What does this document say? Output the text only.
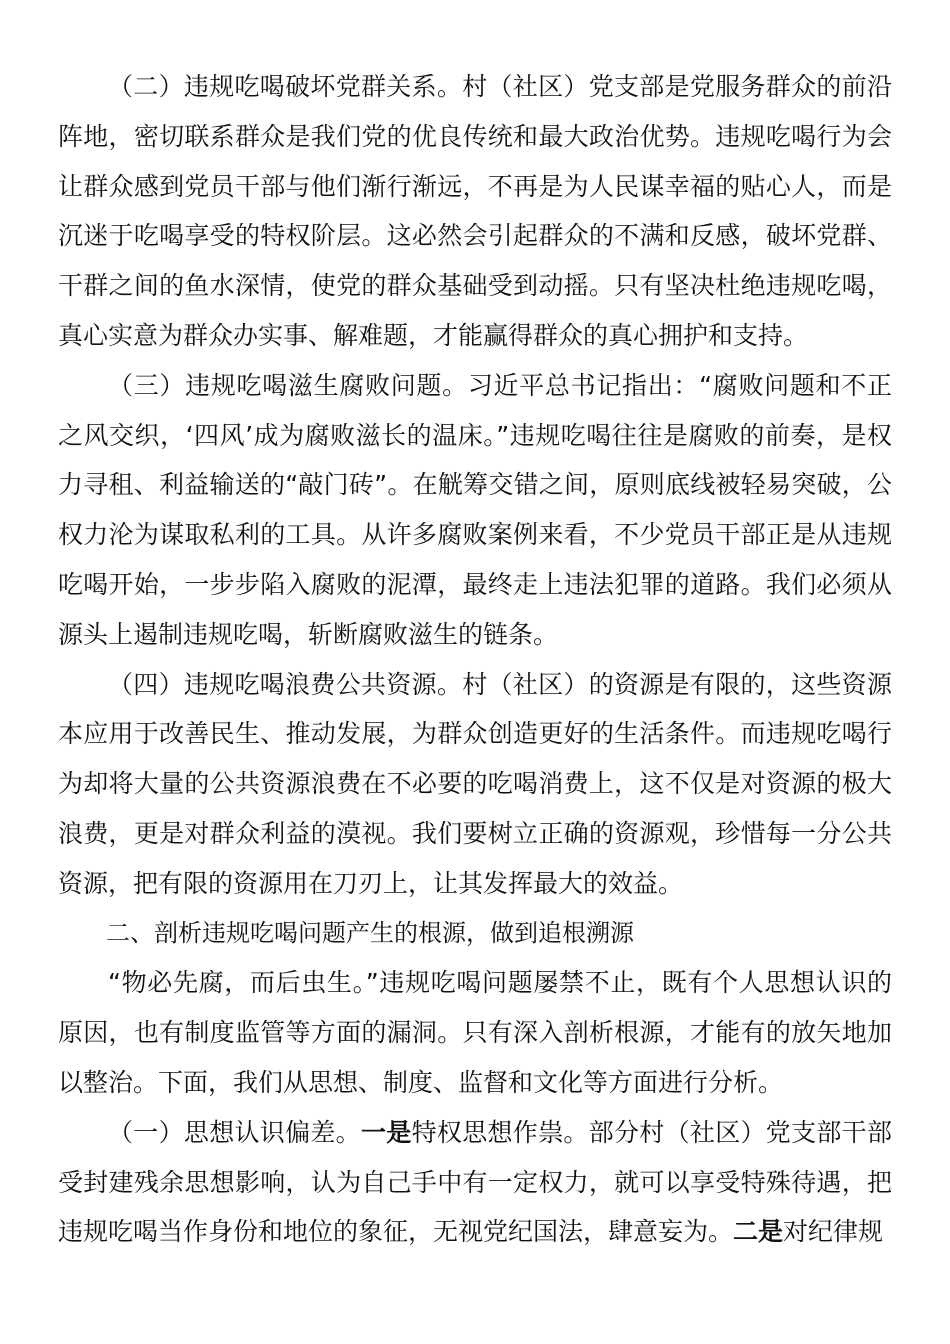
（二）违规吃喝破坏党群关系。村（社区）党支部是党服务群众的前沿阵地，密切联系群众是我们党的优良传统和最大政治优势。违规吃喝行为会让群众感到党员干部与他们渐行渐远，不再是为人民谋幸福的贴心人，而是沉迷于吃喝享受的特权阶层。这必然会引起群众的不满和反感，破坏党群、干群之间的鱼水深情，使党的群众基础受到动摇。只有坚决杜绝违规吃喝，真心实意为群众办实事、解难题，才能赢得群众的真心拥护和支持。

（三）违规吃喝滋生腐败问题。习近平总书记指出：“腐败问题和不正之风交织，‘四风’成为腐败滋长的温床。”违规吃喝往往是腐败的前奏，是权力寻租、利益输送的“敲门砖”。在觥筹交错之间，原则底线被轻易突破，公权力沦为谋取私利的工具。从许多腐败案例来看，不少党员干部正是从违规吃喝开始，一步步陷入腐败的泥潭，最终走上违法犯罪的道路。我们必须从源头上遏制违规吃喝，斩断腐败滋生的链条。

（四）违规吃喝浪费公共资源。村（社区）的资源是有限的，这些资源本应用于改善民生、推动发展，为群众创造更好的生活条件。而违规吃喝行为却将大量的公共资源浪费在不必要的吃喝消费上，这不仅是对资源的极大浪费，更是对群众利益的漠视。我们要树立正确的资源观，珍惜每一分公共资源，把有限的资源用在刀刃上，让其发挥最大的效益。

二、剖析违规吃喝问题产生的根源，做到追根溯源

“物必先腐，而后虫生。”违规吃喝问题屡禁不止，既有个人思想认识的原因，也有制度监管等方面的漏洞。只有深入剖析根源，才能有的放矢地加以整治。下面，我们从思想、制度、监督和文化等方面进行分析。

（一）思想认识偏差。一是特权思想作祟。部分村（社区）党支部干部受封建残余思想影响，认为自己手中有一定权力，就可以享受特殊待遇，把违规吃喝当作身份和地位的象征，无视党纪国法，肆意妄为。二是对纪律规
